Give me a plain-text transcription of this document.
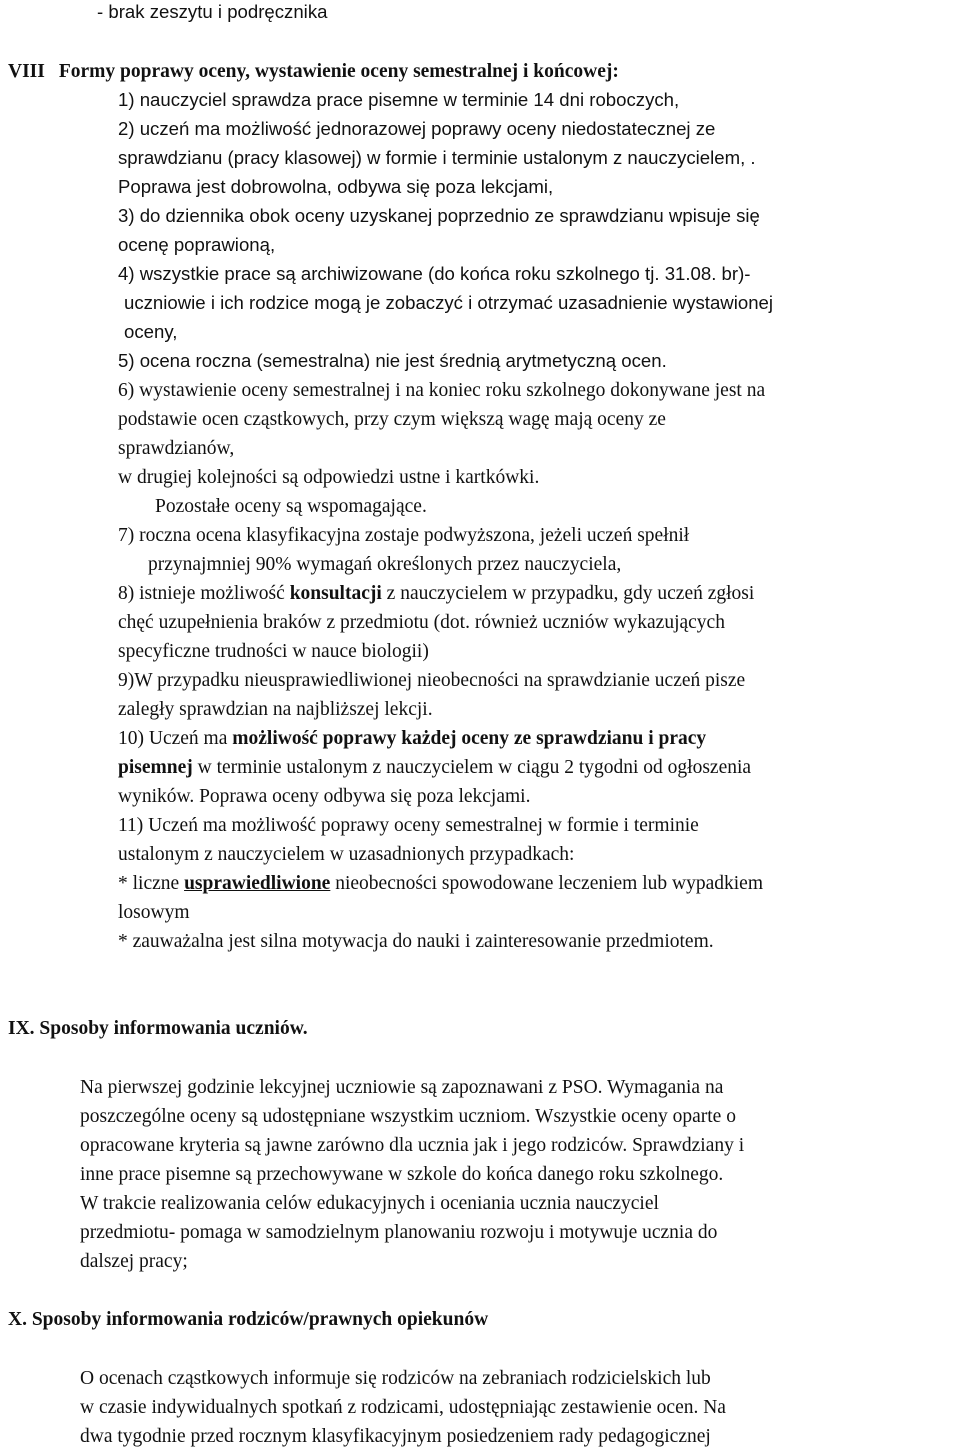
- brak zeszytu i podręcznika
VIII Formy poprawy oceny, wystawienie oceny semestralnej i końcowej:
1) nauczyciel sprawdza prace pisemne w terminie 14 dni roboczych,
2) uczeń ma możliwość jednorazowej poprawy oceny niedostatecznej ze
sprawdzianu (pracy klasowej) w formie i terminie ustalonym z nauczycielem, .
Poprawa jest dobrowolna, odbywa się poza lekcjami,
3) do dziennika obok oceny uzyskanej poprzednio ze sprawdzianu wpisuje się
ocenę poprawioną,
4) wszystkie prace są archiwizowane (do końca roku szkolnego tj. 31.08. br)-
uczniowie i ich rodzice mogą je zobaczyć i otrzymać uzasadnienie wystawionej
oceny,
5) ocena roczna (semestralna) nie jest średnią arytmetyczną ocen.
6) wystawienie oceny semestralnej i na koniec roku szkolnego dokonywane jest na
podstawie ocen cząstkowych, przy czym większą wagę mają oceny ze
sprawdzianów,
w drugiej kolejności są odpowiedzi ustne i kartkówki.
Pozostałe oceny są wspomagające.
7) roczna ocena klasyfikacyjna zostaje podwyższona, jeżeli uczeń spełnił
przynajmniej 90% wymagań określonych przez nauczyciela,
8) istnieje możliwość konsultacji z nauczycielem w przypadku, gdy uczeń zgłosi
chęć uzupełnienia braków z przedmiotu (dot. również uczniów wykazujących
specyficzne trudności w nauce biologii)
9)W przypadku nieusprawiedliwionej nieobecności na sprawdzianie uczeń pisze
zaległy sprawdzian na najbliższej lekcji.
10) Uczeń ma możliwość poprawy każdej oceny ze sprawdzianu i pracy
pisemnej w terminie ustalonym z nauczycielem w ciągu 2 tygodni od ogłoszenia
wyników. Poprawa oceny odbywa się poza lekcjami.
11) Uczeń ma możliwość poprawy oceny semestralnej w formie i terminie
ustalonym z nauczycielem w uzasadnionych przypadkach:
* liczne usprawiedliwione nieobecności spowodowane leczeniem lub wypadkiem
losowym
* zauważalna jest silna motywacja do nauki i zainteresowanie przedmiotem.
IX. Sposoby informowania uczniów.
Na pierwszej godzinie lekcyjnej uczniowie są zapoznawani z PSO. Wymagania na
poszczególne oceny są udostępniane wszystkim uczniom. Wszystkie oceny oparte o
opracowane kryteria są jawne zarówno dla ucznia jak i jego rodziców. Sprawdziany i
inne prace pisemne są przechowywane w szkole do końca danego roku szkolnego.
W trakcie realizowania celów edukacyjnych i oceniania ucznia nauczyciel
przedmiotu- pomaga w samodzielnym planowaniu rozwoju i motywuje ucznia do
dalszej pracy;
X. Sposoby informowania rodziców/prawnych opiekunów
O ocenach cząstkowych informuje się rodziców na zebraniach rodzicielskich lub
w czasie indywidualnych spotkań z rodzicami, udostępniając zestawienie ocen. Na
dwa tygodnie przed rocznym klasyfikacyjnym posiedzeniem rady pedagogicznej
